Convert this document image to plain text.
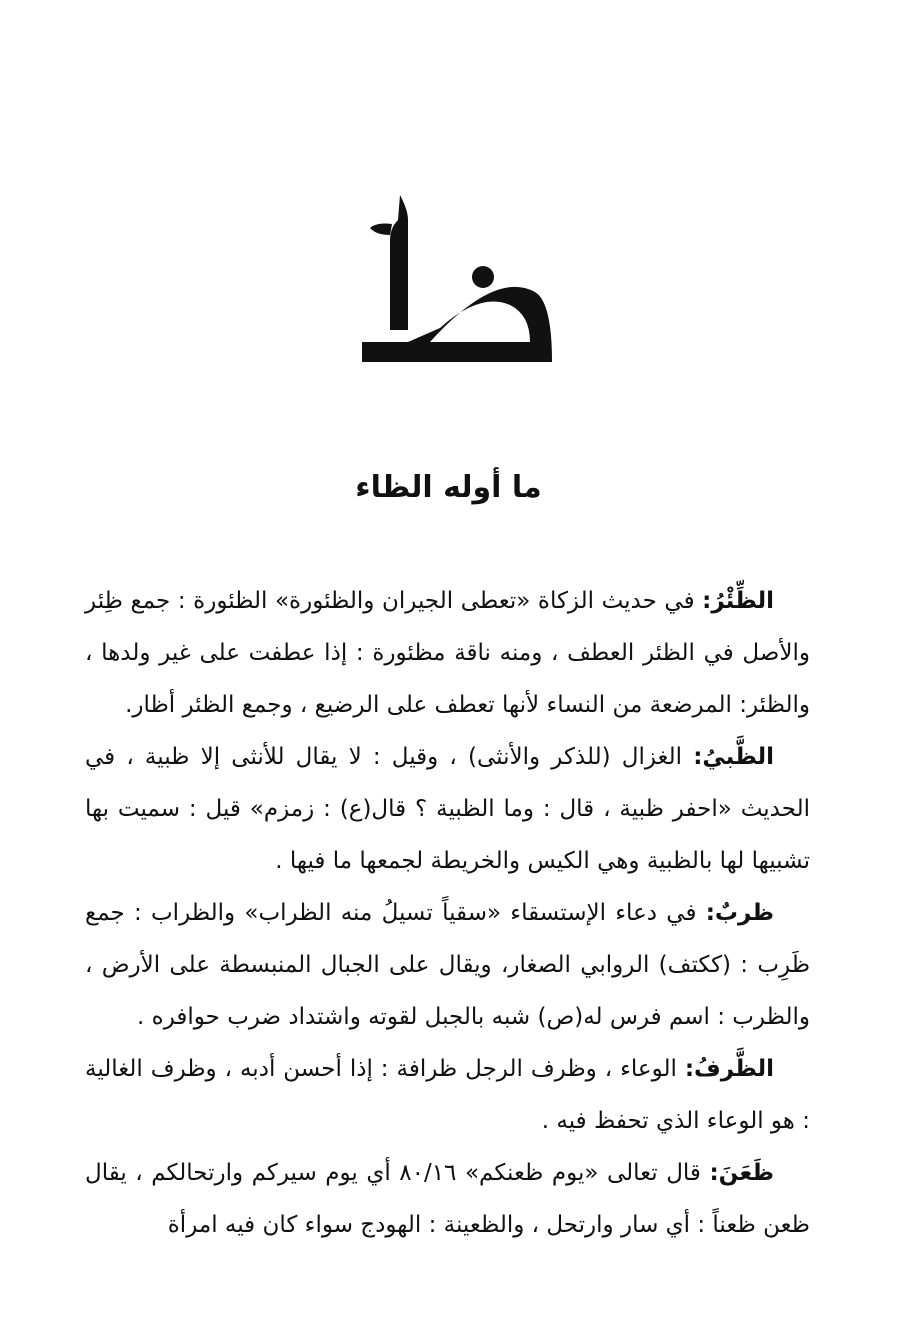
ما أوله الظاء

الظِّئْرُ: في حديث الزكاة «تعطى الجيران والظئورة» الظئورة : جمع ظِئر والأصل في الظئر العطف ، ومنه ناقة مظئورة : إذا عطفت على غير ولدها ، والظئر: المرضعة من النساء لأنها تعطف على الرضيع ، وجمع الظئر أظار.

الظَّبيُ: الغزال (للذكر والأنثى) ، وقيل : لا يقال للأنثى إلا ظبية ، في الحديث «احفر ظبية ، قال : وما الظبية ؟ قال(ع) : زمزم» قيل : سميت بها تشبيها لها بالظبية وهي الكيس والخريطة لجمعها ما فيها .

ظربٌ: في دعاء الإستسقاء «سقياً تسيلُ منه الظراب» والظراب : جمع ظَرِب : (ككتف) الروابي الصغار، ويقال على الجبال المنبسطة على الأرض ، والظرب : اسم فرس له(ص) شبه بالجبل لقوته واشتداد ضرب حوافره .

الظَّرفُ: الوعاء ، وظرف الرجل ظرافة : إذا أحسن أدبه ، وظرف الغالية : هو الوعاء الذي تحفظ فيه .

ظَعَنَ: قال تعالى «يوم ظعنكم» ٨٠/١٦ أي يوم سيركم وارتحالكم ، يقال ظعن ظعناً : أي سار وارتحل ، والظعينة : الهودج سواء كان فيه امرأة
